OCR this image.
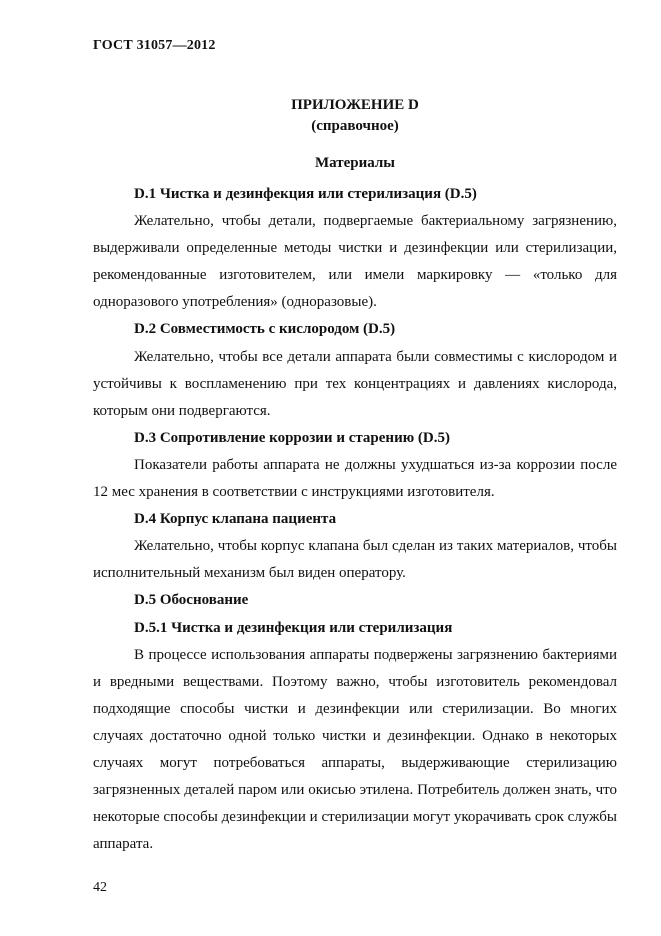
ГОСТ 31057—2012
ПРИЛОЖЕНИЕ D
(справочное)
Материалы

D.1 Чистка и дезинфекция или стерилизация (D.5)

Желательно, чтобы детали, подвергаемые бактериальному загрязнению, выдерживали определенные методы чистки и дезинфекции или стерилизации, рекомендованные изготовителем, или имели маркировку — «только для одноразового употребления» (одноразовые).

D.2 Совместимость с кислородом (D.5)

Желательно, чтобы все детали аппарата были совместимы с кислородом и устойчивы к воспламенению при тех концентрациях и давлениях кислорода, которым они подвергаются.

D.3 Сопротивление коррозии и старению (D.5)

Показатели работы аппарата не должны ухудшаться из-за коррозии после 12 мес хранения в соответствии с инструкциями изготовителя.

D.4 Корпус клапана пациента

Желательно, чтобы корпус клапана был сделан из таких материалов, чтобы исполнительный механизм был виден оператору.

D.5 Обоснование

D.5.1 Чистка и дезинфекция или стерилизация

В процессе использования аппараты подвержены загрязнению бактериями и вредными веществами. Поэтому важно, чтобы изготовитель рекомендовал подходящие способы чистки и дезинфекции или стерилизации. Во многих случаях достаточно одной только чистки и дезинфекции. Однако в некоторых случаях могут потребоваться аппараты, выдерживающие стерилизацию загрязненных деталей паром или окисью этилена. Потребитель должен знать, что некоторые способы дезинфекции и стерилизации могут укорачивать срок службы аппарата.

42
